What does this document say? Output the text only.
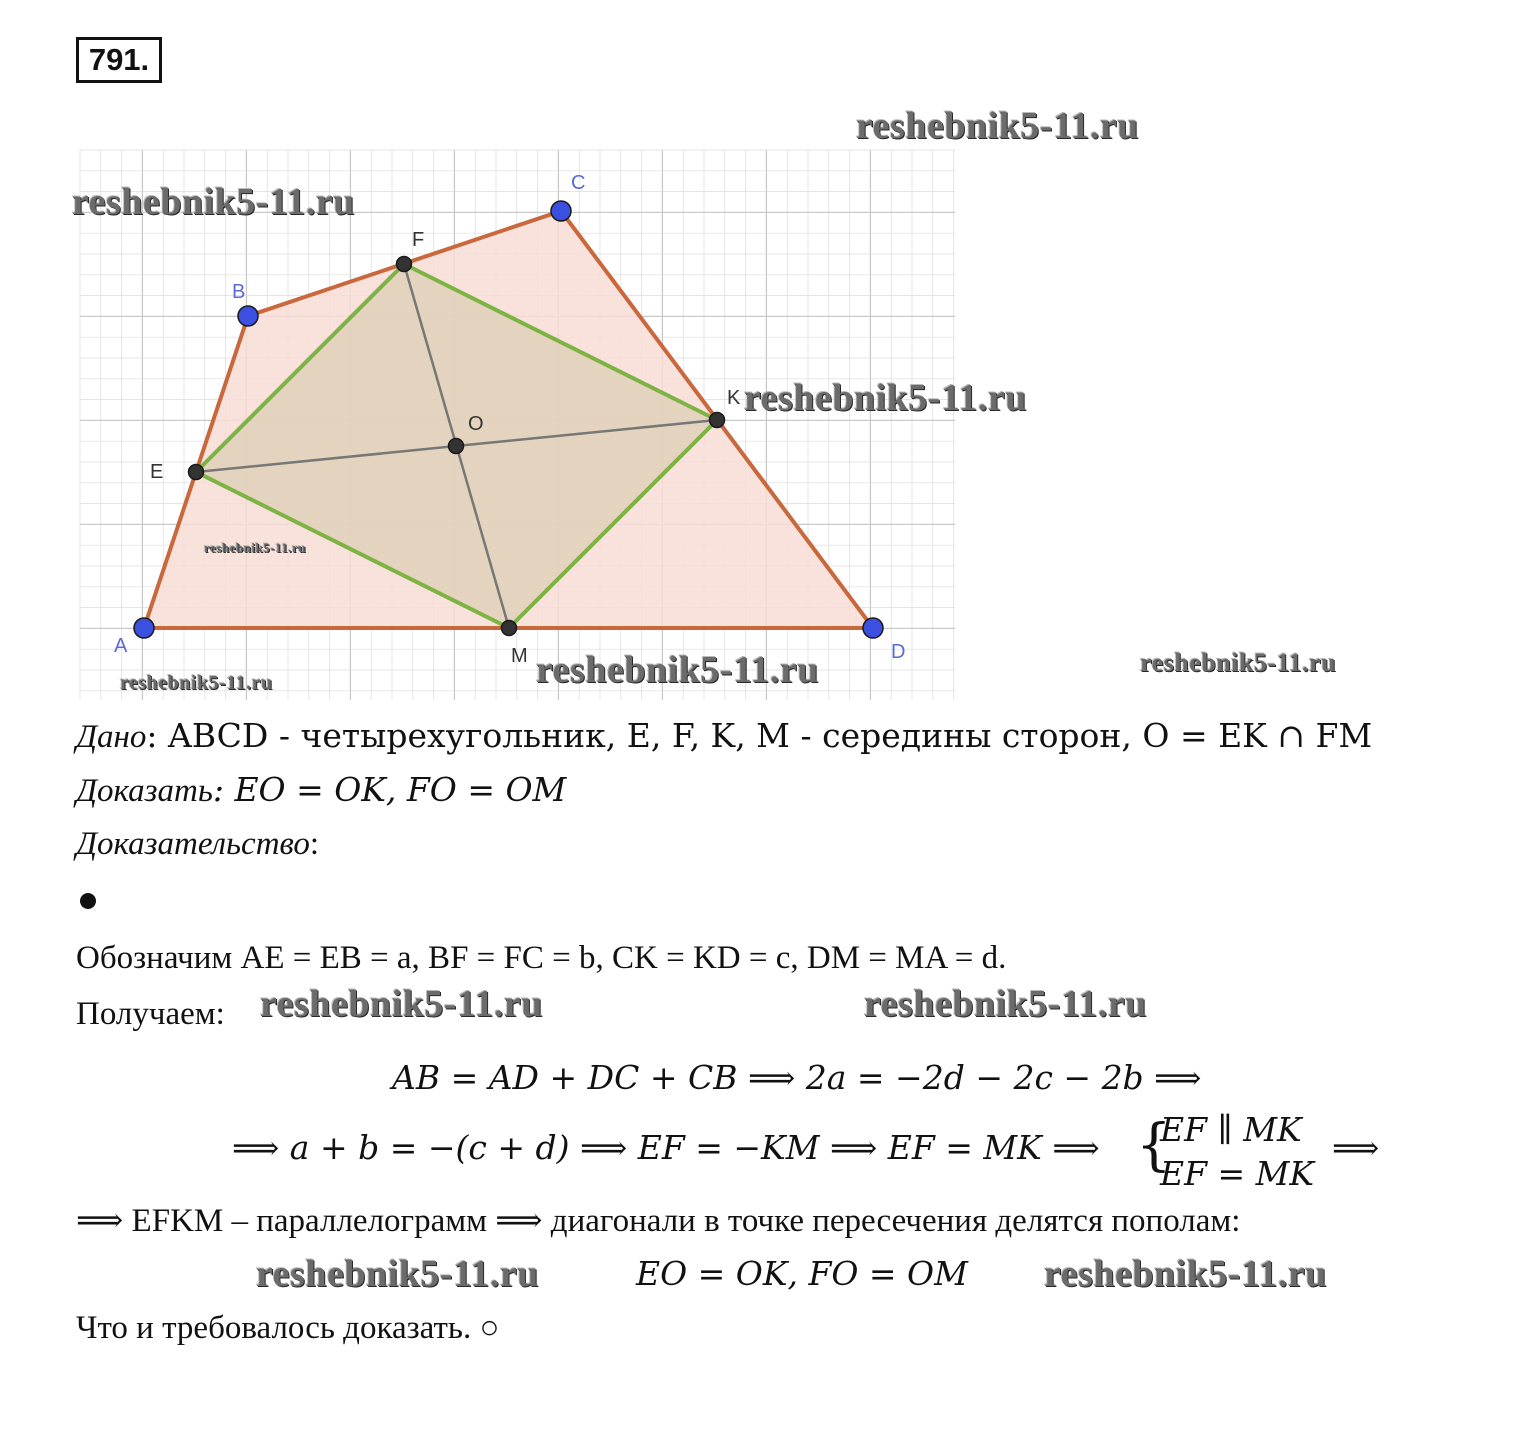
791.
A
B
C
D
E
F
K
M
O
reshebnik5-11.ru
reshebnik5-11.ru
reshebnik5-11.ru
reshebnik5-11.ru
reshebnik5-11.ru	reshebnik5-11.ru
reshebnik5-11.ru
reshebnik5-11.ru	reshebnik5-11.ru
reshebnik5-11.ru	reshebnik5-11.ru
Дано: ABCD - четырехугольник, E, F, K, M - середины сторон, O = EK ∩ FM
Доказать: EO = OK, FO = OM
Доказательство:
Обозначим AE = EB = a, BF = FC = b, CK = KD = c, DM = MA = d.
Получаем:
AB = AD + DC + CB ⟹ 2a = −2d − 2c − 2b ⟹
⟹ a + b = −(c + d) ⟹ EF = −KM ⟹ EF = MK ⟹ {
EF ∥ MK
EF = MK
⟹
⟹ EFKM – параллелограмм ⟹ диагонали в точке пересечения делятся пополам:
EO = OK, FO = OM
Что и требовалось доказать. ○
